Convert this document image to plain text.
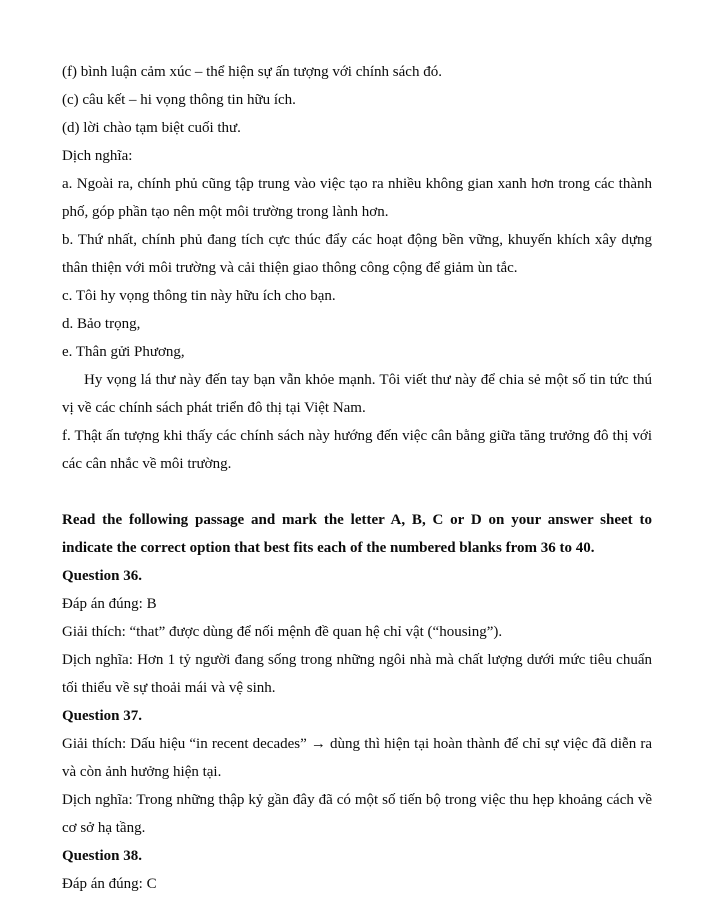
(f) bình luận cảm xúc – thể hiện sự ấn tượng với chính sách đó.

(c) câu kết – hi vọng thông tin hữu ích.

(d) lời chào tạm biệt cuối thư.

Dịch nghĩa:

a. Ngoài ra, chính phủ cũng tập trung vào việc tạo ra nhiều không gian xanh hơn trong các thành phố, góp phần tạo nên một môi trường trong lành hơn.

b. Thứ nhất, chính phủ đang tích cực thúc đẩy các hoạt động bền vững, khuyến khích xây dựng thân thiện với môi trường và cải thiện giao thông công cộng để giảm ùn tắc.

c. Tôi hy vọng thông tin này hữu ích cho bạn.

d. Bảo trọng,

e. Thân gửi Phương,

Hy vọng lá thư này đến tay bạn vẫn khỏe mạnh. Tôi viết thư này để chia sẻ một số tin tức thú vị về các chính sách phát triển đô thị tại Việt Nam.

f. Thật ấn tượng khi thấy các chính sách này hướng đến việc cân bằng giữa tăng trưởng đô thị với các cân nhắc về môi trường.

Read the following passage and mark the letter A, B, C or D on your answer sheet to indicate the correct option that best fits each of the numbered blanks from 36 to 40.

Question 36.

Đáp án đúng: B

Giải thích: “that” được dùng để nối mệnh đề quan hệ chỉ vật (“housing”).

Dịch nghĩa: Hơn 1 tỷ người đang sống trong những ngôi nhà mà chất lượng dưới mức tiêu chuẩn tối thiểu về sự thoải mái và vệ sinh.

Question 37.

Giải thích: Dấu hiệu “in recent decades” → dùng thì hiện tại hoàn thành để chỉ sự việc đã diễn ra và còn ảnh hưởng hiện tại.

Dịch nghĩa: Trong những thập kỷ gần đây đã có một số tiến bộ trong việc thu hẹp khoảng cách về cơ sở hạ tầng.

Question 38.

Đáp án đúng: C
